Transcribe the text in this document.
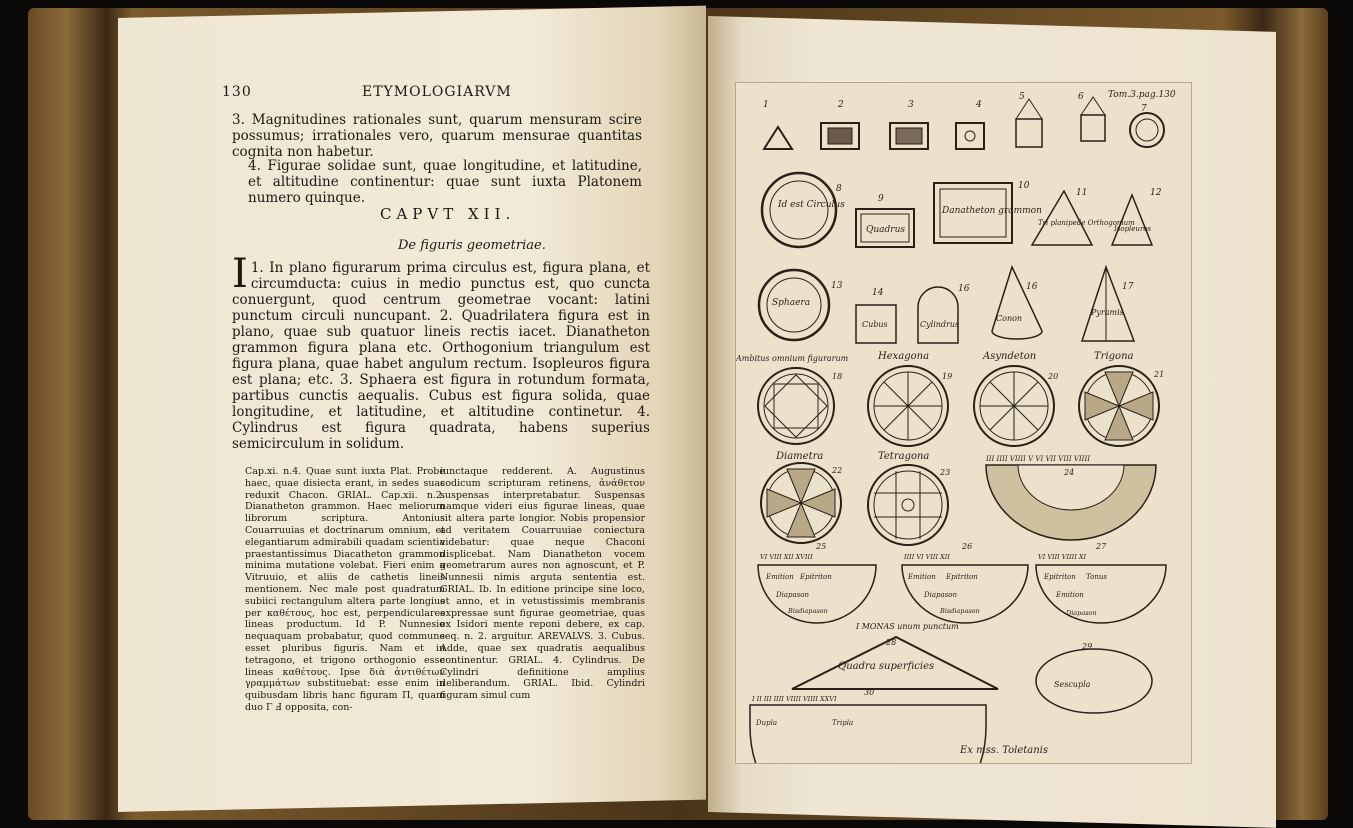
130	ETYMOLOGIARVM
3. Magnitudines rationales sunt, quarum mensuram scire possumus; irrationales vero, quarum mensurae quantitas cognita non habetur.
4. Figurae solidae sunt, quae longitudine, et latitudine, et altitudine continentur: quae sunt iuxta Platonem numero quinque.
CAPVT XII.
De figuris geometriae.
I 1. In plano figurarum prima circulus est, figura plana, et circumducta: cuius in medio punctus est, quo cuncta conuergunt, quod centrum geometrae vocant: latini punctum circuli nuncupant. 2. Quadrilatera figura est in plano, quae sub quatuor lineis rectis iacet. Dianatheton grammon figura plana etc. Orthogonium triangulum est figura plana, quae habet angulum rectum. Isopleuros figura est plana; etc. 3. Sphaera est figura in rotundum formata, partibus cunctis aequalis. Cubus est figura solida, quae longitudine, et latitudine, et altitudine continetur. 4. Cylindrus est figura quadrata, habens superius semicirculum in solidum.
Cap.xi. n.4. Quae sunt iuxta Plat. Probe haec, quae disiecta erant, in sedes suas reduxit Chacon. GRIAL. Cap.xii. n.2. Dianatheton grammon. Haec meliorum librorum scriptura. Antonius Couarruuias et doctrinarum omnium, et elegantiarum admirabili quadam scientia praestantissimus Diacatheton grammon minima mutatione volebat. Fieri enim a Vitruuio, et aliis de cathetis lineis mentionem. Nec male post quadratum subiici rectangulum altera parte longius per καθέτους, hoc est, perpendiculares lineas productum. Id P. Nunnesio nequaquam probabatur, quod commune esset pluribus figuris. Nam et in tetragono, et trigono orthogonio esse lineas καθέτους. Ipse διὰ ἀντιθέτων γραμμάτων substituebat: esse enim in quibusdam libris hanc figuram Π, quam duo Γ Ⅎ opposita, con-
iunctaque redderent. A. Augustinus codicum scripturam retinens, ἀνάθετον suspensas interpretabatur. Suspensas namque videri eius figurae lineas, quae sit altera parte longior. Nobis propensior ad veritatem Couarruuiae coniectura videbatur: quae neque Chaconi displicebat. Nam Dianatheton vocem geometrarum aures non agnoscunt, et P. Nunnesii nimis arguta sententia est. GRIAL. Ib. In editione principe sine loco, et anno, et in vetustissimis membranis expressae sunt figurae geometriae, quas ex Isidori mente reponi debere, ex cap. seq. n. 2. arguitur. AREVALVS. 3. Cubus. Adde, quae sex quadratis aequalibus continentur. GRIAL. 4. Cylindrus. De Cylindri definitione amplius deliberandum. GRIAL. Ibid. Cylindri figuram simul cum
Tom.3.pag.130
1	2	3	4
5	6
7
Id est Circulus
8
Quadrus
9
Danatheton grammon
10
Tri planipede Orthogonium
11
Isopleuros
12
Sphaera
13
14
Cubus	Cylindrus
16
Conon
16
Pyramis
17
Ambitus omnium figurarum
18
Hexagona
19
Asyndeton
20
Trigona
21
Diametra
22
Tetragona
23
III IIII VIIII V VI VII VIII VIIII
24
VI VIII XII XVIII
25
Emition Epitriton
Diapason
Bisdiapason
IIII VI VIII XII
26
Emition Epitriton
Diapason
Bisdiapason
VI VIII VIIII XI
27
Epitriton Tonus
Emition
Diapason
I MONAS unum punctum
28
Quadra superficies
29
Sescupla
I II III IIII VIIII VIIII XXVI
30
Dupla	Tripla
Ex mss. Toletanis
